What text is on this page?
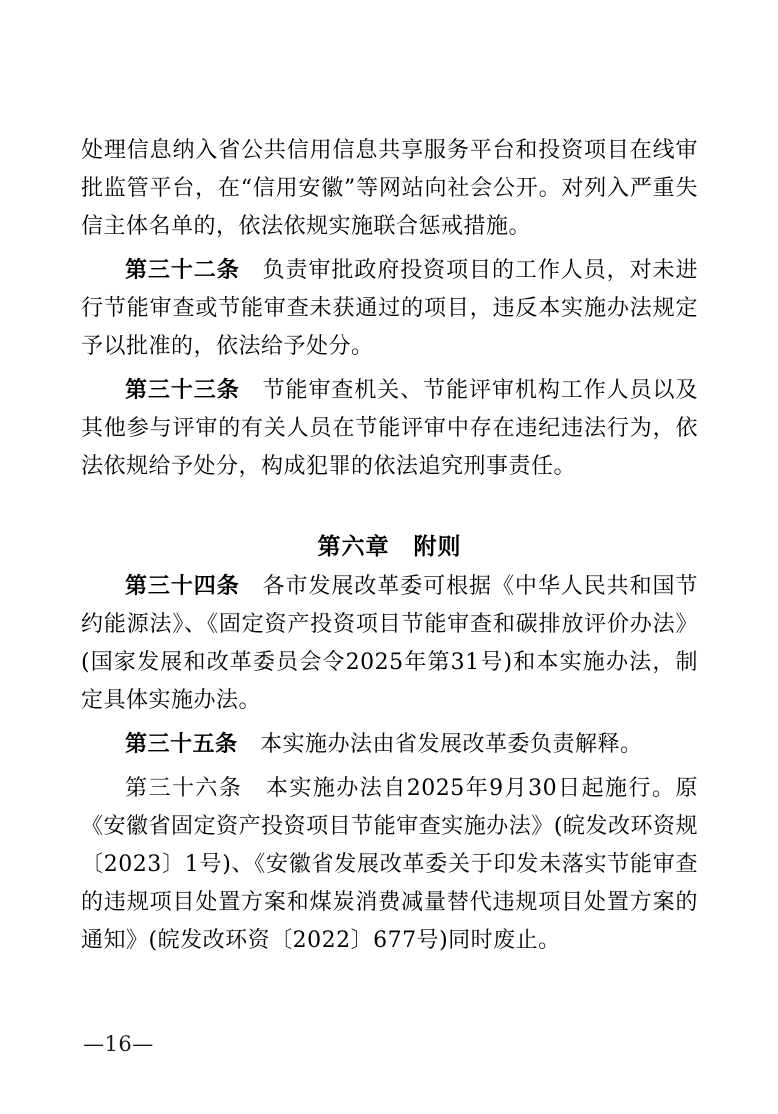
处理信息纳入省公共信用信息共享服务平台和投资项目在线审批监管平台，在“信用安徽”等网站向社会公开。对列入严重失信主体名单的，依法依规实施联合惩戒措施。

第三十二条　负责审批政府投资项目的工作人员，对未进行节能审查或节能审查未获通过的项目，违反本实施办法规定予以批准的，依法给予处分。

第三十三条　节能审查机关、节能评审机构工作人员以及其他参与评审的有关人员在节能评审中存在违纪违法行为，依法依规给予处分，构成犯罪的依法追究刑事责任。

第六章　附则

第三十四条　各市发展改革委可根据《中华人民共和国节约能源法》、《固定资产投资项目节能审查和碳排放评价办法》(国家发展和改革委员会令2025年第31号)和本实施办法，制定具体实施办法。

第三十五条　本实施办法由省发展改革委负责解释。

第三十六条　本实施办法自2025年9月30日起施行。原《安徽省固定资产投资项目节能审查实施办法》(皖发改环资规〔2023〕1号)、《安徽省发展改革委关于印发未落实节能审查的违规项目处置方案和煤炭消费减量替代违规项目处置方案的通知》(皖发改环资〔2022〕677号)同时废止。

—16—
